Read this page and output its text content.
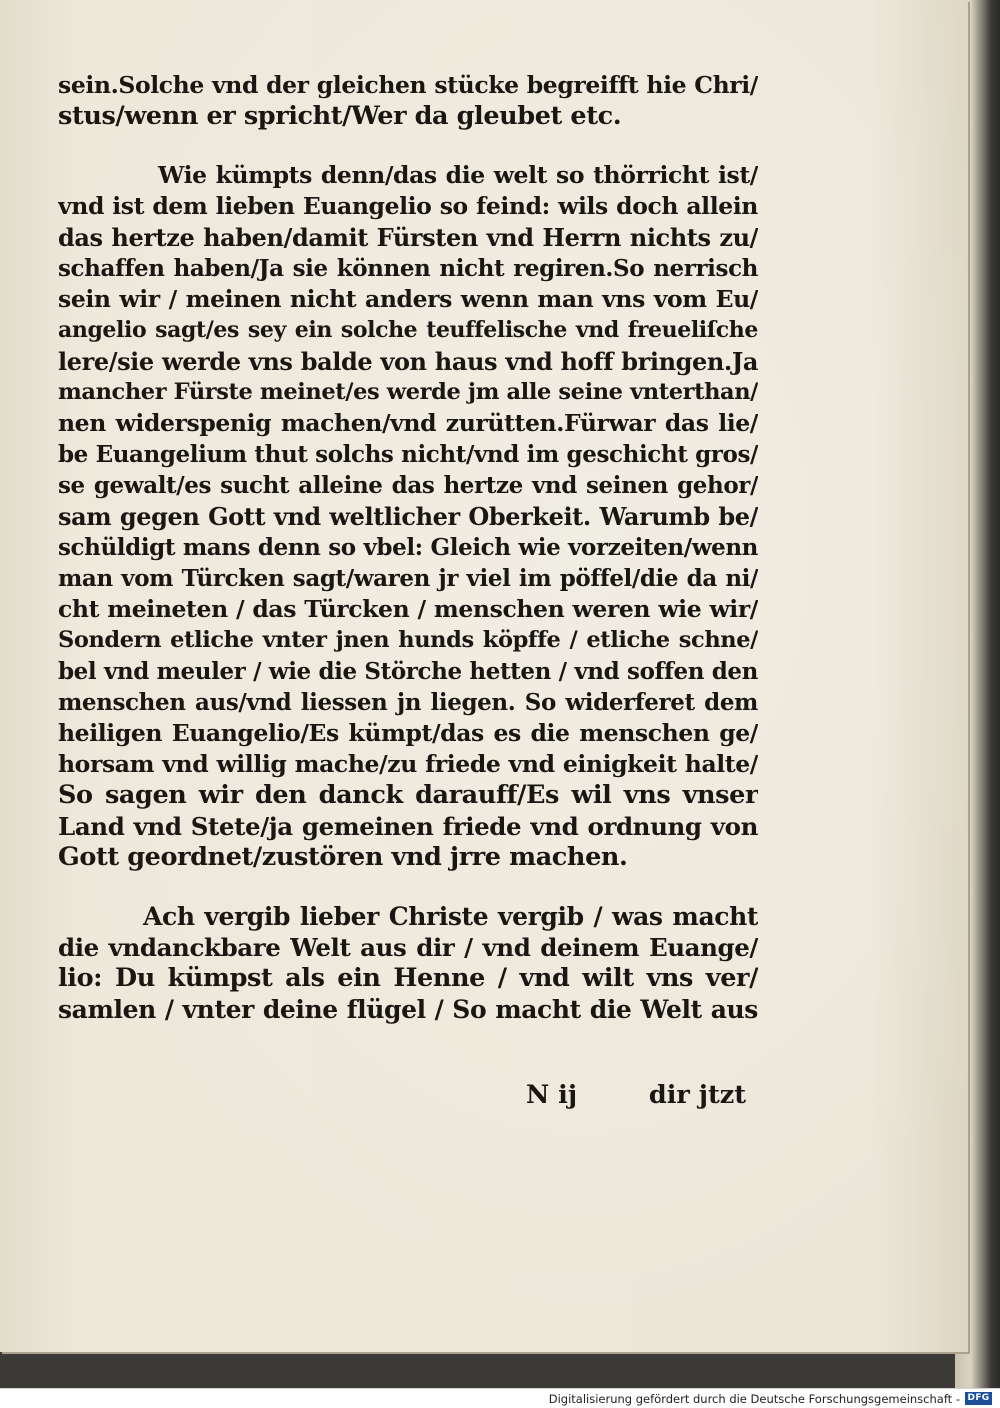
sein.Solche vnd der gleichen stücke begreifft hie Chri/
stus/wenn er spricht/Wer da gleubet etc.
Wie kümpts denn/das die welt so thörricht ist/
vnd ist dem lieben Euangelio so feind: wils doch allein
das hertze haben/damit Fürsten vnd Herrn nichts zu/
schaffen haben/Ja sie können nicht regiren.So nerrisch
sein wir / meinen nicht anders wenn man vns vom Eu/
angelio sagt/es sey ein solche teuffelische vnd freueliſche
lere/sie werde vns balde von haus vnd hoff bringen.Ja
mancher Fürste meinet/es werde jm alle seine vnterthan/
nen widerspenig machen/vnd zurütten.Fürwar das lie/
be Euangelium thut solchs nicht/vnd im geschicht gros/
se gewalt/es sucht alleine das hertze vnd seinen gehor/
sam gegen Gott vnd weltlicher Oberkeit. Warumb be/
schüldigt mans denn so vbel: Gleich wie vorzeiten/wenn
man vom Türcken sagt/waren jr viel im pöffel/die da ni/
cht meineten / das Türcken / menschen weren wie wir/
Sondern etliche vnter jnen hunds köpffe / etliche schne/
bel vnd meuler / wie die Störche hetten / vnd soffen den
menschen aus/vnd liessen jn liegen. So widerferet dem
heiligen Euangelio/Es kümpt/das es die menschen ge/
horsam vnd willig mache/zu friede vnd einigkeit halte/
So sagen wir den danck darauff/Es wil vns vnser
Land vnd Stete/ja gemeinen friede vnd ordnung von
Gott geordnet/zustören vnd jrre machen.
Ach vergib lieber Christe vergib / was macht
die vndanckbare Welt aus dir / vnd deinem Euange/
lio: Du kümpst als ein Henne / vnd wilt vns ver/
samlen / vnter deine flügel / So macht die Welt aus
N ij	dir jtzt
Digitalisierung gefördert durch die Deutsche Forschungsgemeinschaft - DFG
